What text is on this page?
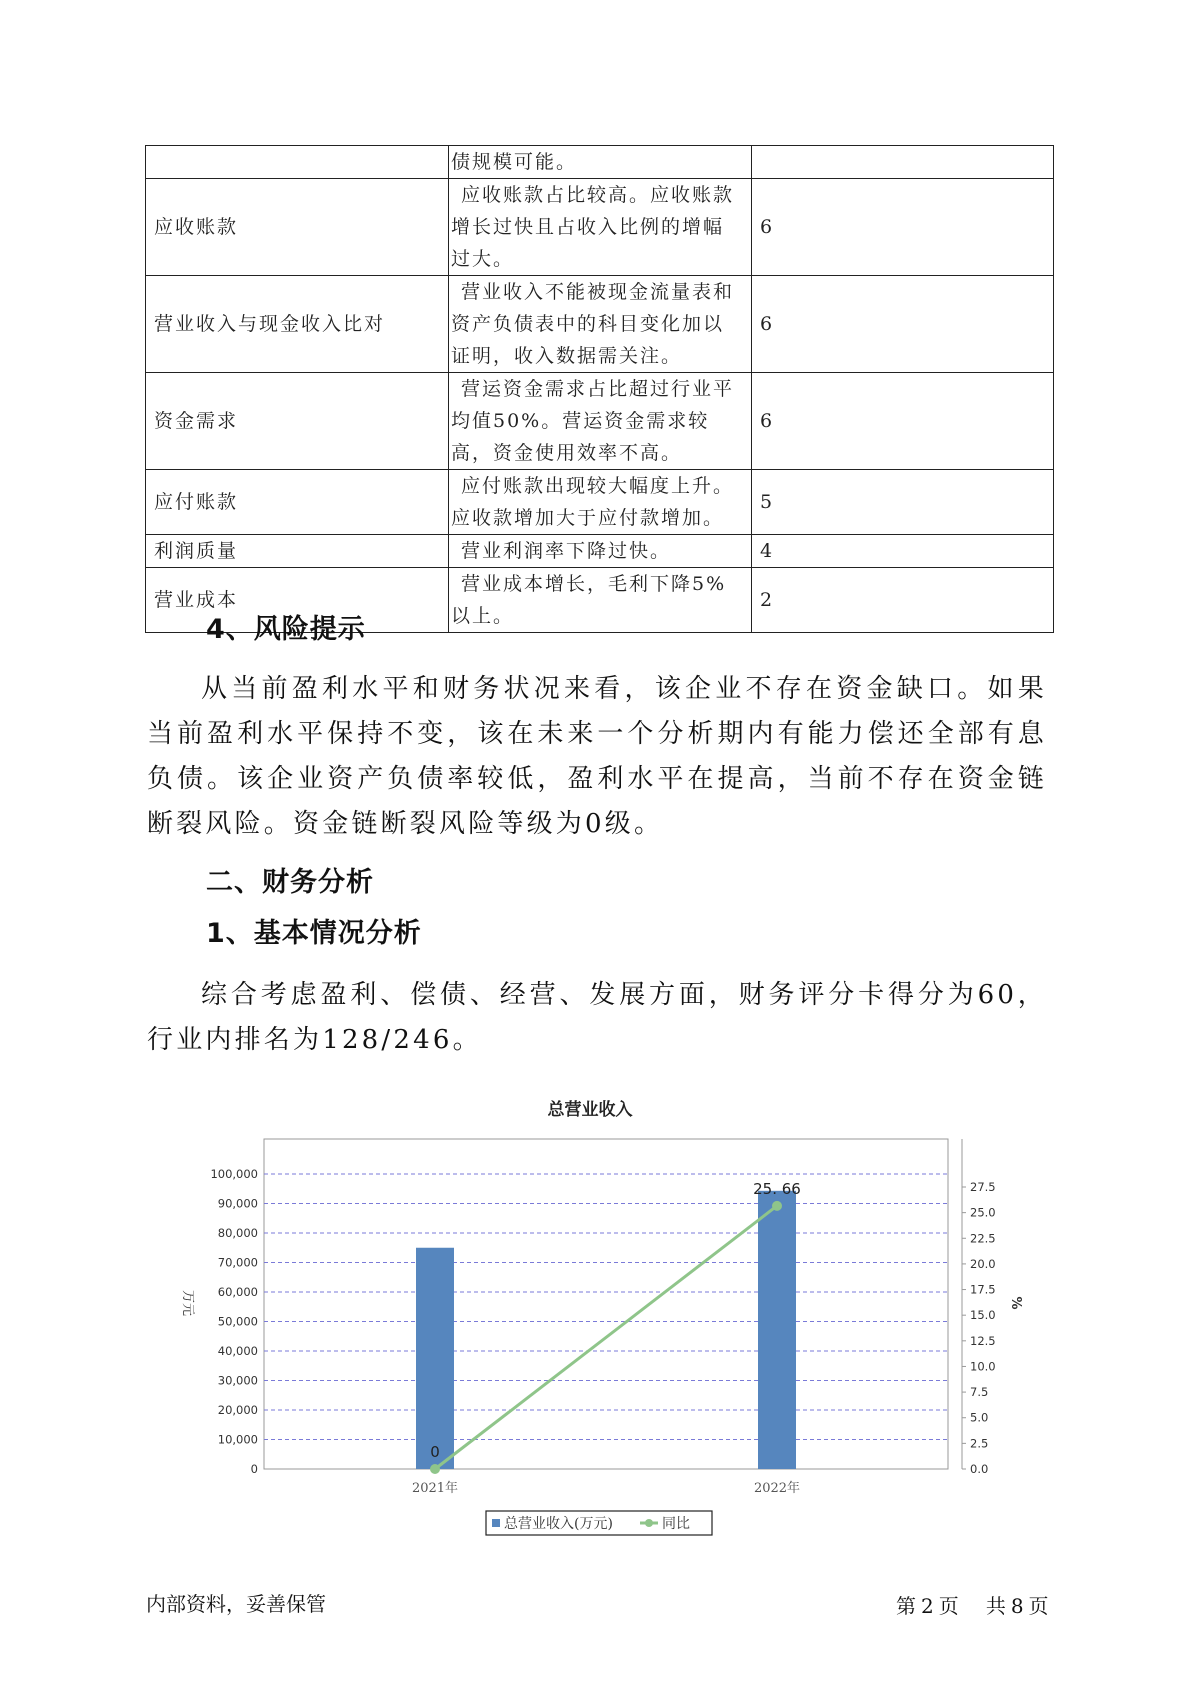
	债规模可能。	
应收账款	应收账款占比较高。应收账款增长过快且占收入比例的增幅过大。	6
营业收入与现金收入比对	营业收入不能被现金流量表和资产负债表中的科目变化加以证明，收入数据需关注。	6
资金需求	营运资金需求占比超过行业平均值50%。营运资金需求较高，资金使用效率不高。	6
应付账款	应付账款出现较大幅度上升。应收款增加大于应付款增加。	5
利润质量	营业利润率下降过快。	4
营业成本	营业成本增长，毛利下降5%以上。	2
4、风险提示
从当前盈利水平和财务状况来看，该企业不存在资金缺口。如果当前盈利水平保持不变，该在未来一个分析期内有能力偿还全部有息负债。该企业资产负债率较低，盈利水平在提高，当前不存在资金链断裂风险。资金链断裂风险等级为0级。
二、财务分析
1、基本情况分析
综合考虑盈利、偿债、经营、发展方面，财务评分卡得分为60，行业内排名为128/246。
总营业收入
0
10,000
20,000
30,000
40,000
50,000
60,000
70,000
80,000
90,000
100,000
0.0
2.5
5.0
7.5
10.0
12.5
15.0
17.5
20.0
22.5
25.0
27.5
万元	%
2021年	2022年
0
25. 66
总营业收入(万元)	同比
内部资料，妥善保管	第 2 页 共 8 页
